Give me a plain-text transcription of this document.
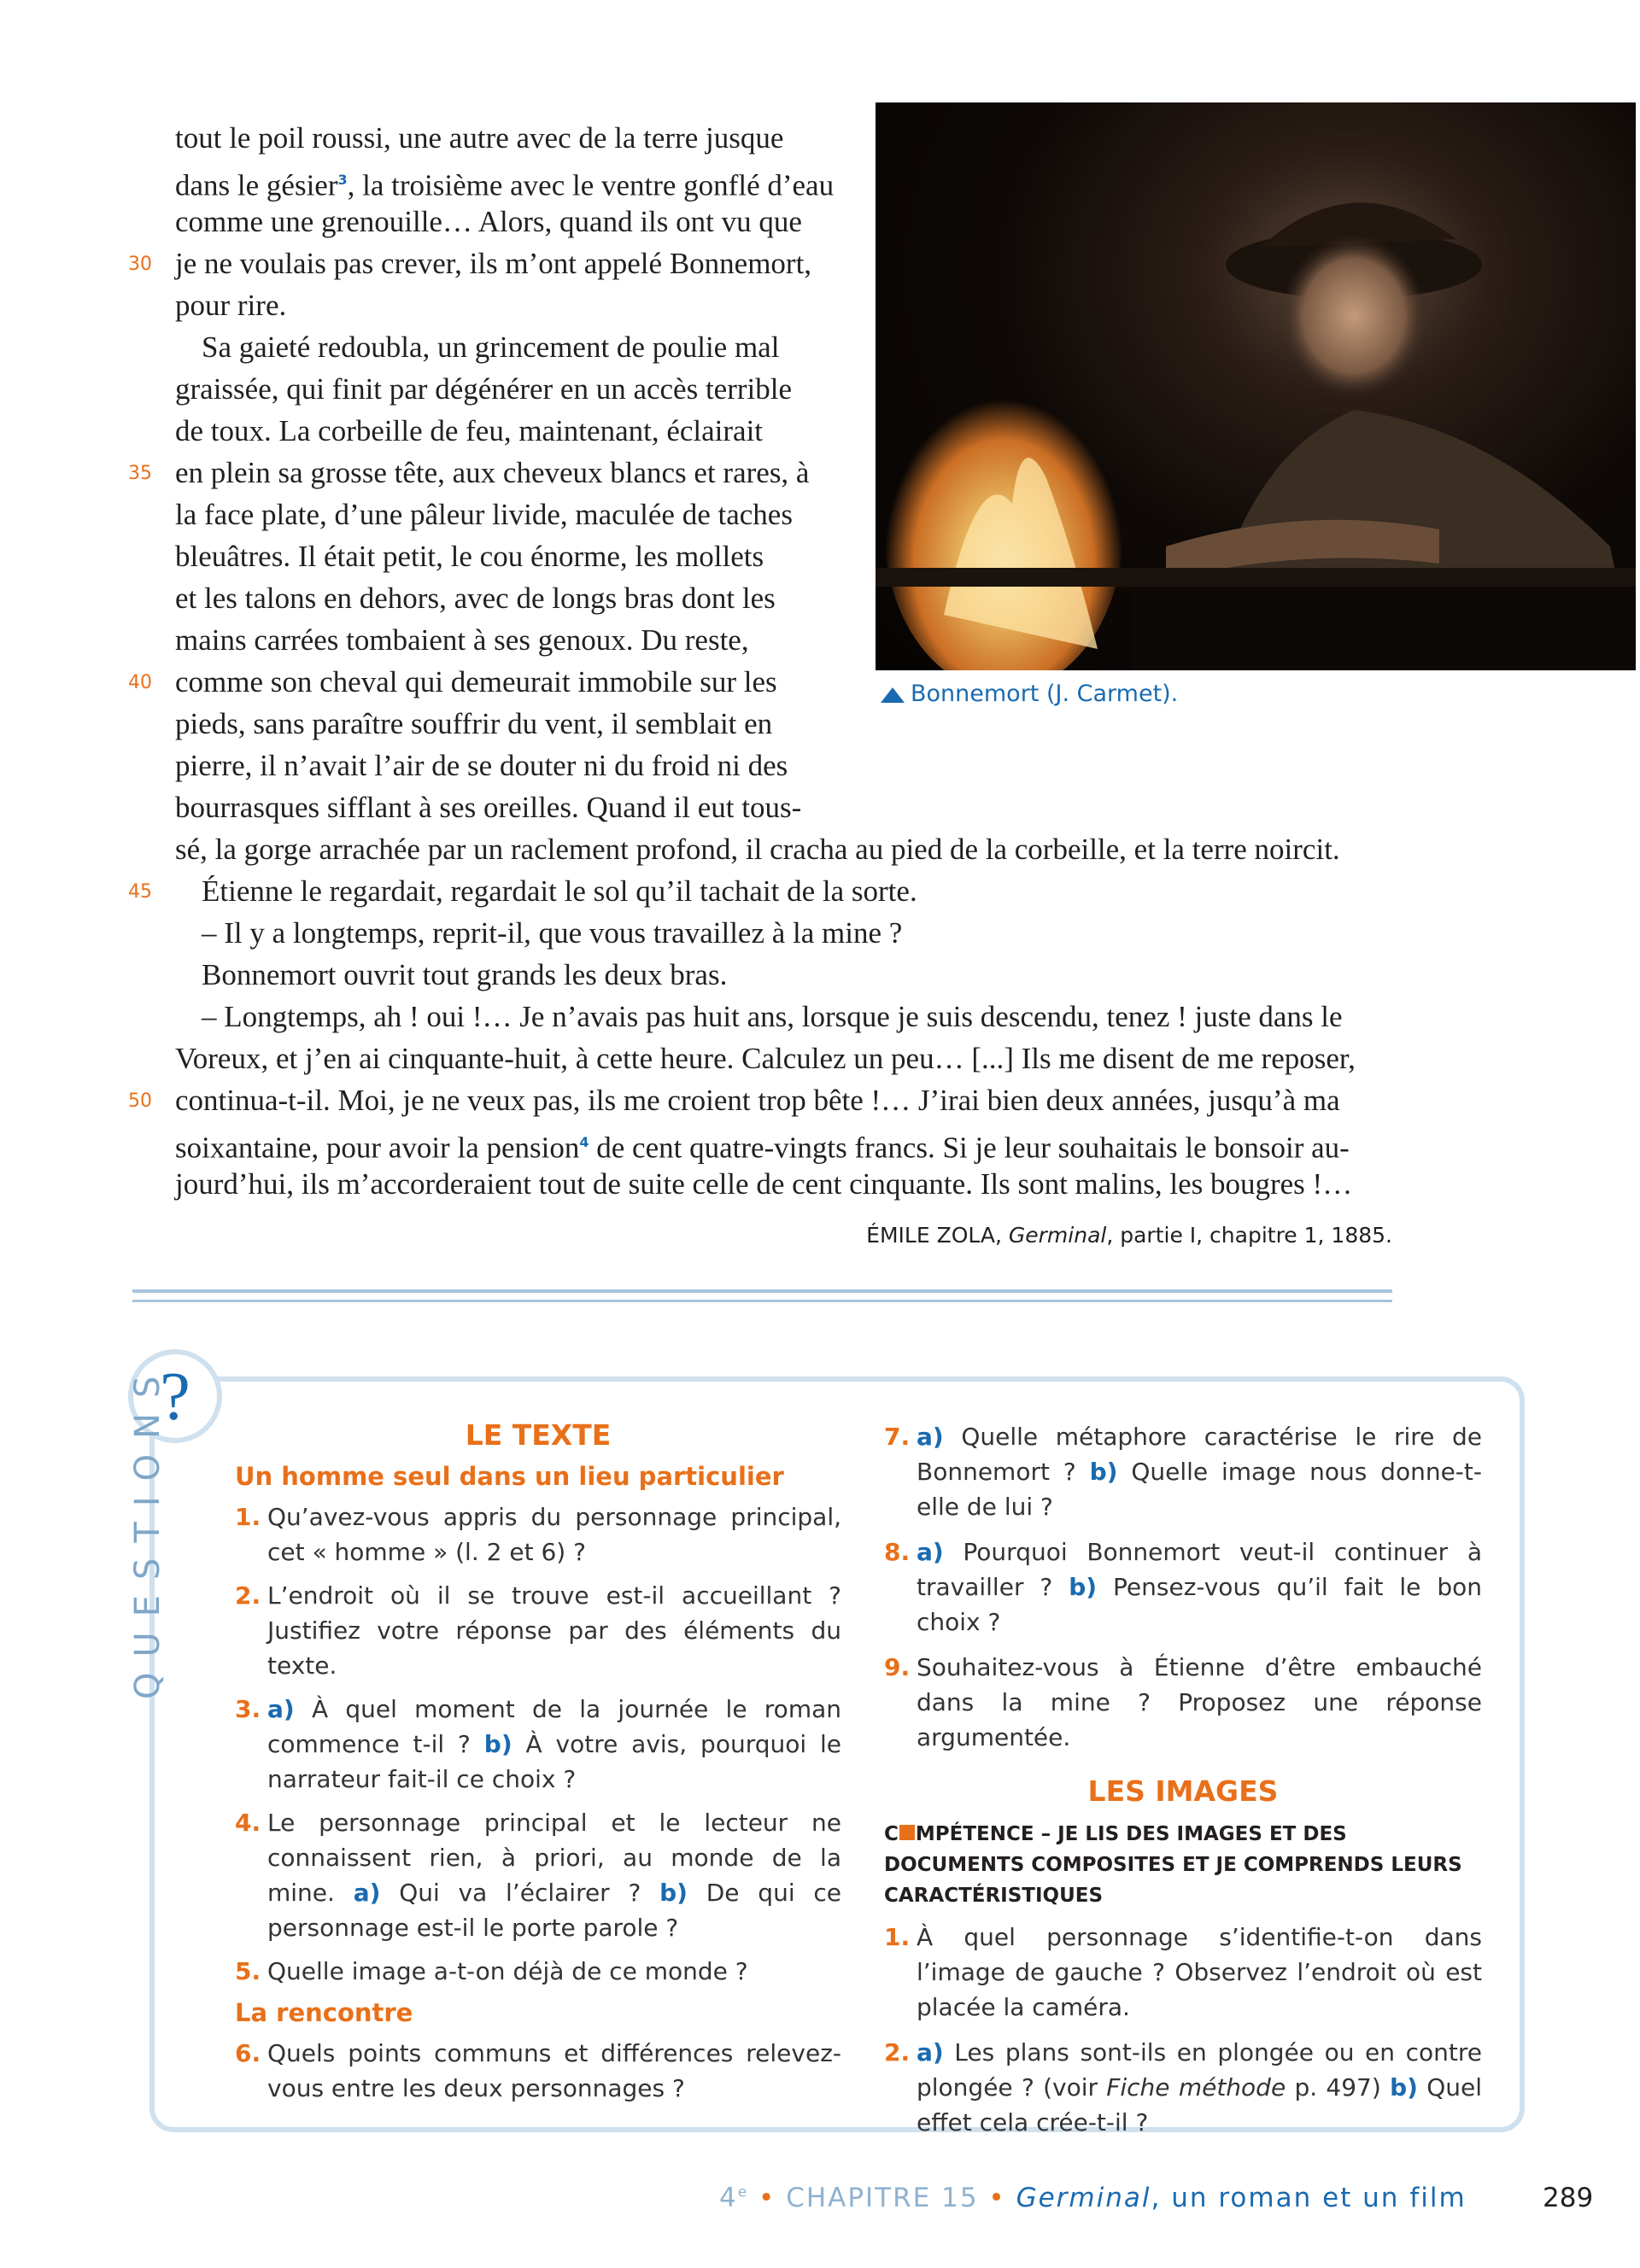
tout le poil roussi, une autre avec de la terre jusque
dans le gésier$^3$, la troisième avec le ventre gonflé d’eau
comme une grenouille… Alors, quand ils ont vu que
je ne voulais pas crever, ils m’ont appelé Bonnemort,
pour rire.
Sa gaieté redoubla, un grincement de poulie mal
graissée, qui finit par dégénérer en un accès terrible
de toux. La corbeille de feu, maintenant, éclairait
en plein sa grosse tête, aux cheveux blancs et rares, à
la face plate, d’une pâleur livide, maculée de taches
bleuâtres. Il était petit, le cou énorme, les mollets
et les talons en dehors, avec de longs bras dont les
mains carrées tombaient à ses genoux. Du reste,
comme son cheval qui demeurait immobile sur les
pieds, sans paraître souffrir du vent, il semblait en
pierre, il n’avait l’air de se douter ni du froid ni des
bourrasques sifflant à ses oreilles. Quand il eut tous-
sé, la gorge arrachée par un raclement profond, il cracha au pied de la corbeille, et la terre noircit.
Étienne le regardait, regardait le sol qu’il tachait de la sorte.
– Il y a longtemps, reprit-il, que vous travaillez à la mine ?
Bonnemort ouvrit tout grands les deux bras.
– Longtemps, ah ! oui !… Je n’avais pas huit ans, lorsque je suis descendu, tenez ! juste dans le
Voreux, et j’en ai cinquante-huit, à cette heure. Calculez un peu… [...] Ils me disent de me reposer,
continua-t-il. Moi, je ne veux pas, ils me croient trop bête !… J’irai bien deux années, jusqu’à ma
soixantaine, pour avoir la pension$^4$ de cent quatre-vingts francs. Si je leur souhaitais le bonsoir au-
jourd’hui, ils m’accorderaient tout de suite celle de cent cinquante. Ils sont malins, les bougres !…
30
35
40
45
50
Bonnemort (J. Carmet).
ÉMILE ZOLA, Germinal, partie I, chapitre 1, 1885.
?
QUESTIONS	LE TEXTE
Un homme seul dans un lieu particulier
1. Qu’avez-vous appris du personnage principal, cet « homme » (l. 2 et 6) ?
2. L’endroit où il se trouve est-il accueillant ? Justifiez votre réponse par des éléments du texte.
3. a) À quel moment de la journée le roman commence t-il ? b) À votre avis, pourquoi le narrateur fait-il ce choix ?
4. Le personnage principal et le lecteur ne connaissent rien, à priori, au monde de la mine. a) Qui va l’éclairer ? b) De qui ce personnage est-il le porte parole ?
5. Quelle image a-t-on déjà de ce monde ?
La rencontre
6. Quels points communs et différences relevez-vous entre les deux personnages ?
7. a) Quelle métaphore caractérise le rire de Bonnemort ? b) Quelle image nous donne-t-elle de lui ?
8. a) Pourquoi Bonnemort veut-il continuer à travailler ? b) Pensez-vous qu’il fait le bon choix ?
9. Souhaitez-vous à Étienne d’être embauché dans la mine ? Proposez une réponse argumentée.
LES IMAGES
C MPÉTENCE – JE LIS DES IMAGES ET DES DOCUMENTS COMPOSITES ET JE COMPRENDS LEURS CARACTÉRISTIQUES
1. À quel personnage s’identifie-t-on dans l’image de gauche ? Observez l’endroit où est placée la caméra.
2. a) Les plans sont-ils en plongée ou en contre plongée ? (voir Fiche méthode p. 497) b) Quel effet cela crée-t-il ?
4e • CHAPITRE 15 • Germinal, un roman et un film	289
